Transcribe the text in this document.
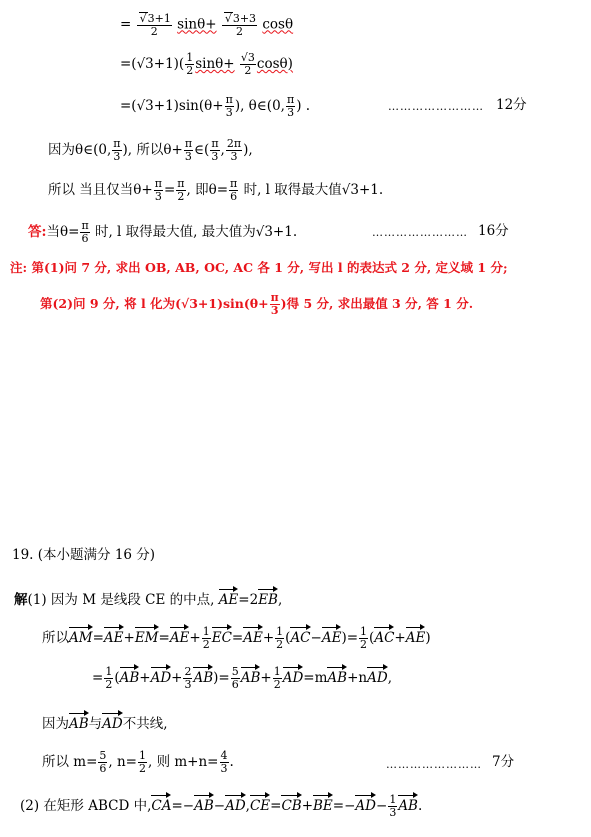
= $\frac{√3+1}{2} \sin\theta+ \frac{√3+3}{2}$ cosθ
$=(√3+1)( \frac{1}{2} \sin\theta+ \frac{√3}{2} \cos\theta)$
$=(√3+1)\sin(\theta+ \frac{\pi}{3}$ ), θ∈(0, $\frac{\pi}{3}$ ) .	…………………… 12分
因为θ∈(0, $\frac{\pi}{3}$ ), 所以$\theta+ \frac{\pi}{3}$ ∈( $\frac{\pi}{3}$ , $\frac{2\pi}{3}$ ),
所以 当且仅当$\theta+ \frac{\pi}{3} = \frac{\pi}{2}$ , 即$\theta= \frac{\pi}{6}$ 时, l 取得最大值√3+1.
答:当$\theta= \frac{\pi}{6}$ 时, l 取得最大值, 最大值为√3+1.	…………………… 16分
注: 第(1)问 7 分, 求出 OB, AB, OC, AC 各 1 分, 写出 l 的表达式 2 分, 定义域 1 分;
第(2)问 9 分, 将 l 化为$(√3+1)\sin(\theta+ \frac{\pi}{3}$ )得 5 分, 求出最值 3 分, 答 1 分.
19. (本小题满分 16 分)
解(1) 因为 M 是线段 CE 的中点, AE=2EB,
所以$AM=AE+EM=AE+ \frac{1}{2} EC=AE+ \frac{1}{2} (AC-AE)= \frac{1}{2} (AC+AE)$
= $\frac{1}{2} (AB+AD+ \frac{2}{3} AB)= \frac{5}{6} AB+ \frac{1}{2} AD=mAB+nAD$,
因为AB与AD不共线,
所以 $m= \frac{5}{6}$ , $n= \frac{1}{2}$ , 则 $m+n= \frac{4}{3}$ .	…………………… 7分
(2) 在矩形 ABCD 中$,CA=-AB-AD,CE=CB+BE=-AD- \frac{1}{3}$ AB.
